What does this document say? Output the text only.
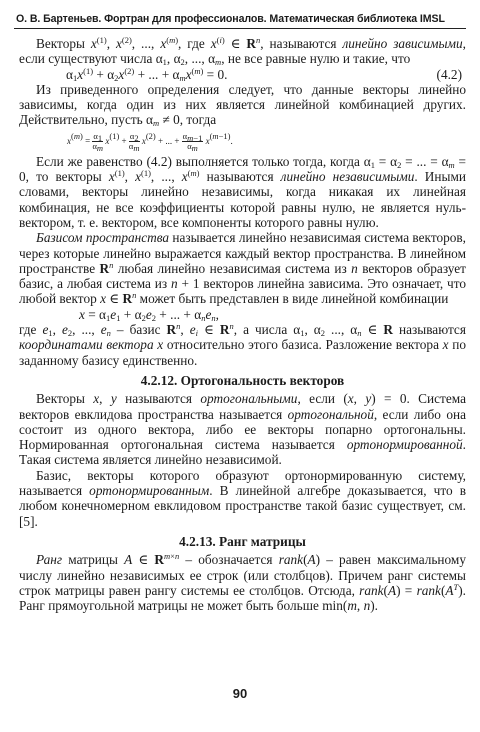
О. В. Бартеньев. Фортран для профессионалов. Математическая библиотека IMSL

Векторы $x^{(1)}$, $x^{(2)}$, ..., $x^{(m)}$, где $x^{(i)}$ ∈ $R^n$, называются линейно зависимыми, если существуют числа $\alpha_1$, $\alpha_2$, ..., $\alpha_m$, не все равные нулю и такие, что

$\alpha_1x^{(1)} + \alpha_2x^{(2)}$ + ... + $\alpha_mx^{(m)} = 0$.	(4.2)

Из приведенного определения следует, что данные векторы линейно зависимы, когда один из них является линейной комбинацией других. Действительно, пусть $\alpha_m \ne 0$, тогда

$x^{(m)} = \frac{\alpha_1}{\alpha_m} x^{(1)} + \frac{\alpha_2}{\alpha_m} x^{(2)}$ + ... + $\frac{\alpha_{m-1}}{\alpha_m} x^{(m-1)}$.

Если же равенство (4.2) выполняется только тогда, когда $\alpha_1 = \alpha_2$ = ... = $\alpha_m = 0$, то векторы $x^{(1)}$, $x^{(1)}$, ..., $x^{(m)}$ называются линейно независимыми. Иными словами, векторы линейно независимы, когда никакая их линейная комбинация, не все коэффициенты которой равны нулю, не является нуль-вектором, т. е. вектором, все компоненты которого равны нулю.

Базисом пространства называется линейно независимая система векторов, через которые линейно выражается каждый вектор пространства. В линейном пространстве $R^n$ любая линейно независимая система из n векторов образует базис, а любая система из n + 1 векторов линейна зависима. Это означает, что любой вектор x ∈ $R^n$ может быть представлен в виде линейной комбинации

$x = \alpha_1e_1 + \alpha_2e_2$ + ... + $\alpha_ne_n$,

где $e_1$, $e_2$, ..., $e_n$ – базис $R^n$, $e_i$ ∈ $R^n$, а числа $\alpha_1$, $\alpha_2$ ..., $\alpha_n$ ∈ R называются координатами вектора x относительно этого базиса. Разложение вектора x по заданному базису единственно.

4.2.12. Ортогональность векторов

Векторы x, y называются ортогональными, если (x, y) = 0. Система векторов евклидова пространства называется ортогональной, если либо она состоит из одного вектора, либо ее векторы попарно ортогональны. Нормированная ортогональная система называется ортонормированной. Такая система является линейно независимой.

Базис, векторы которого образуют ортонормированную систему, называется ортонормированным. В линейной алгебре доказывается, что в любом конечномерном евклидовом пространстве такой базис существует, см. [5].

4.2.13. Ранг матрицы

Ранг матрицы A ∈ $R^{m\times n}$ – обозначается rank(A) – равен максимальному числу линейно независимых ее строк (или столбцов). Причем ранг системы строк матрицы равен рангу системы ее столбцов. Отсюда, rank(A) = $rank(A^T)$. Ранг прямоугольной матрицы не может быть больше min(m, n).

90
